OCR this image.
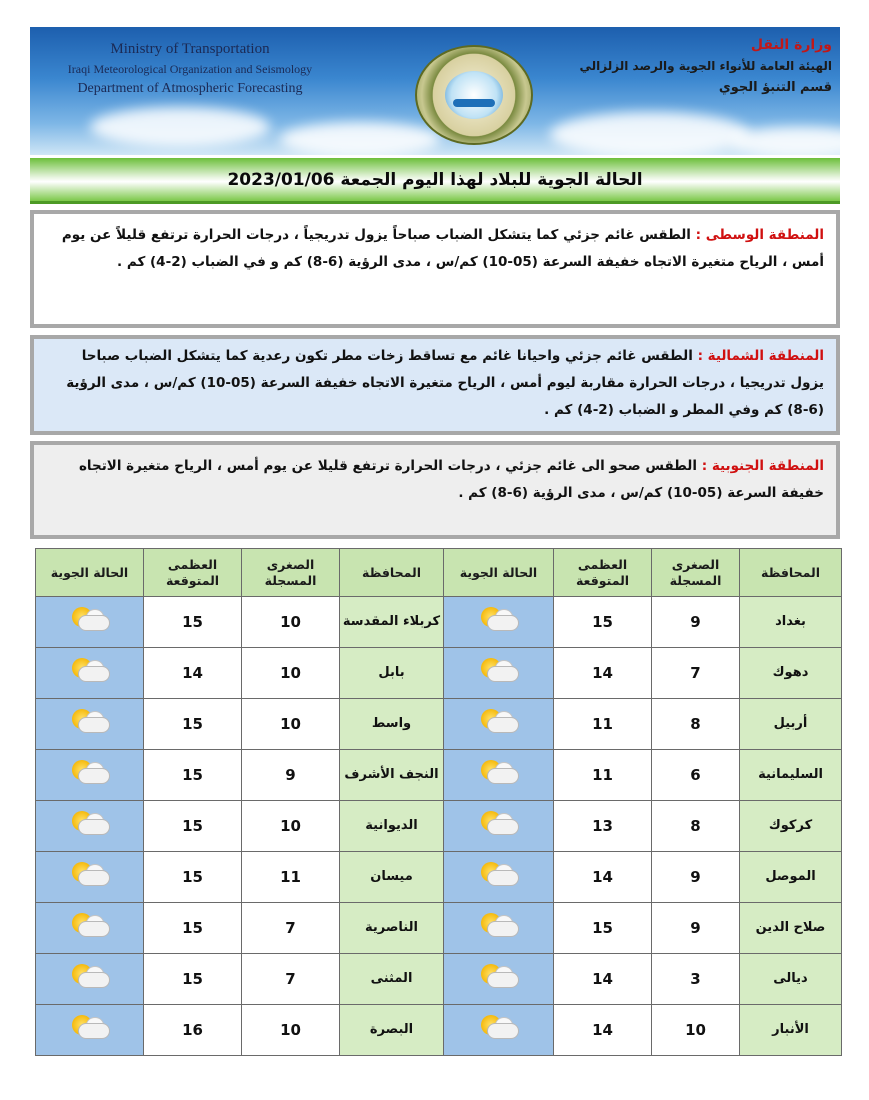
Ministry of Transportation
Iraqi Meteorological Organization and Seismology
Department of Atmospheric Forecasting
وزارة النقل
الهيئة العامة للأنواء الجوية والرصد الزلزالي
قسم التنبؤ الجوي
الحالة الجوية للبلاد لهذا اليوم الجمعة 2023/01/06
المنطقة الوسطى : الطقس غائم جزئي كما يتشكل الضباب صباحاً يزول تدريجياً ، درجات الحرارة ترتفع قليلاً عن يوم أمس ، الرياح متغيرة الاتجاه خفيفة السرعة (05-10) كم/س ، مدى الرؤية (6-8) كم و في الضباب (2-4) كم .
المنطقة الشمالية : الطقس غائم جزئي واحيانا غائم مع تساقط زخات مطر تكون رعدية كما يتشكل الضباب صباحا يزول تدريجيا ، درجات الحرارة مقاربة ليوم أمس ، الرياح متغيرة الاتجاه خفيفة السرعة (05-10) كم/س ، مدى الرؤية (6-8) كم وفي المطر و الضباب (2-4) كم .
المنطقة الجنوبية : الطقس صحو الى غائم جزئي ، درجات الحرارة ترتفع قليلا عن يوم أمس ، الرياح متغيرة الاتجاه خفيفة السرعة (05-10) كم/س ، مدى الرؤية (6-8) كم .
المحافظة	الصغرى المسجلة	العظمى المتوقعة	الحالة الجوية	المحافظة	الصغرى المسجلة	العظمى المتوقعة	الحالة الجوية
بغداد	9	15		كربلاء المقدسة	10	15	

دهوك	7	14		بابل	10	14	

أربيل	8	11		واسط	10	15	

السليمانية	6	11		النجف الأشرف	9	15	

كركوك	8	13		الديوانية	10	15	

الموصل	9	14		ميسان	11	15	

صلاح الدين	9	15		الناصرية	7	15	

ديالى	3	14		المثنى	7	15	

الأنبار	10	14		البصرة	10	16	
